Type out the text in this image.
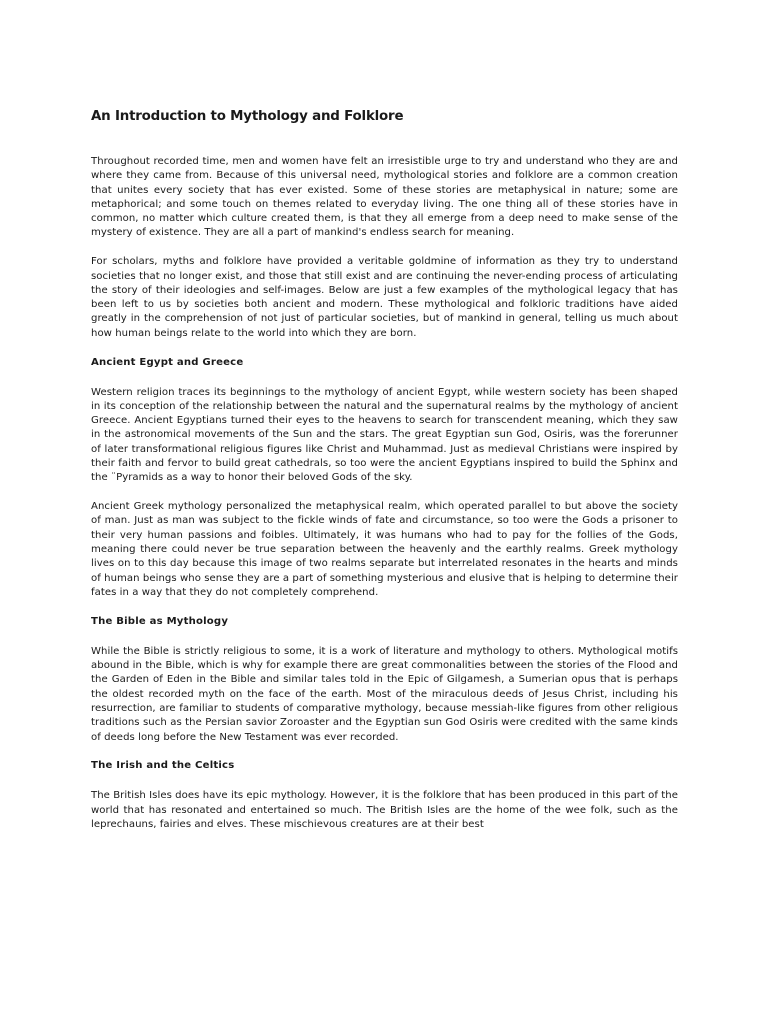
An Introduction to Mythology and Folklore

Throughout recorded time, men and women have felt an irresistible urge to try and understand who they are and where they came from. Because of this universal need, mythological stories and folklore are a common creation that unites every society that has ever existed. Some of these stories are metaphysical in nature; some are metaphorical; and some touch on themes related to everyday living. The one thing all of these stories have in common, no matter which culture created them, is that they all emerge from a deep need to make sense of the mystery of existence. They are all a part of mankind's endless search for meaning.

For scholars, myths and folklore have provided a veritable goldmine of information as they try to understand societies that no longer exist, and those that still exist and are continuing the never-ending process of articulating the story of their ideologies and self-images. Below are just a few examples of the mythological legacy that has been left to us by societies both ancient and modern. These mythological and folkloric traditions have aided greatly in the comprehension of not just of particular societies, but of mankind in general, telling us much about how human beings relate to the world into which they are born.

Ancient Egypt and Greece

Western religion traces its beginnings to the mythology of ancient Egypt, while western society has been shaped in its conception of the relationship between the natural and the supernatural realms by the mythology of ancient Greece. Ancient Egyptians turned their eyes to the heavens to search for transcendent meaning, which they saw in the astronomical movements of the Sun and the stars. The great Egyptian sun God, Osiris, was the forerunner of later transformational religious figures like Christ and Muhammad. Just as medieval Christians were inspired by their faith and fervor to build great cathedrals, so too were the ancient Egyptians inspired to build the Sphinx and the ¨Pyramids as a way to honor their beloved Gods of the sky.

Ancient Greek mythology personalized the metaphysical realm, which operated parallel to but above the society of man. Just as man was subject to the fickle winds of fate and circumstance, so too were the Gods a prisoner to their very human passions and foibles. Ultimately, it was humans who had to pay for the follies of the Gods, meaning there could never be true separation between the heavenly and the earthly realms. Greek mythology lives on to this day because this image of two realms separate but interrelated resonates in the hearts and minds of human beings who sense they are a part of something mysterious and elusive that is helping to determine their fates in a way that they do not completely comprehend.

The Bible as Mythology

While the Bible is strictly religious to some, it is a work of literature and mythology to others. Mythological motifs abound in the Bible, which is why for example there are great commonalities between the stories of the Flood and the Garden of Eden in the Bible and similar tales told in the Epic of Gilgamesh, a Sumerian opus that is perhaps the oldest recorded myth on the face of the earth. Most of the miraculous deeds of Jesus Christ, including his resurrection, are familiar to students of comparative mythology, because messiah-like figures from other religious traditions such as the Persian savior Zoroaster and the Egyptian sun God Osiris were credited with the same kinds of deeds long before the New Testament was ever recorded.

The Irish and the Celtics

The British Isles does have its epic mythology. However, it is the folklore that has been produced in this part of the world that has resonated and entertained so much. The British Isles are the home of the wee folk, such as the leprechauns, fairies and elves. These mischievous creatures are at their best
